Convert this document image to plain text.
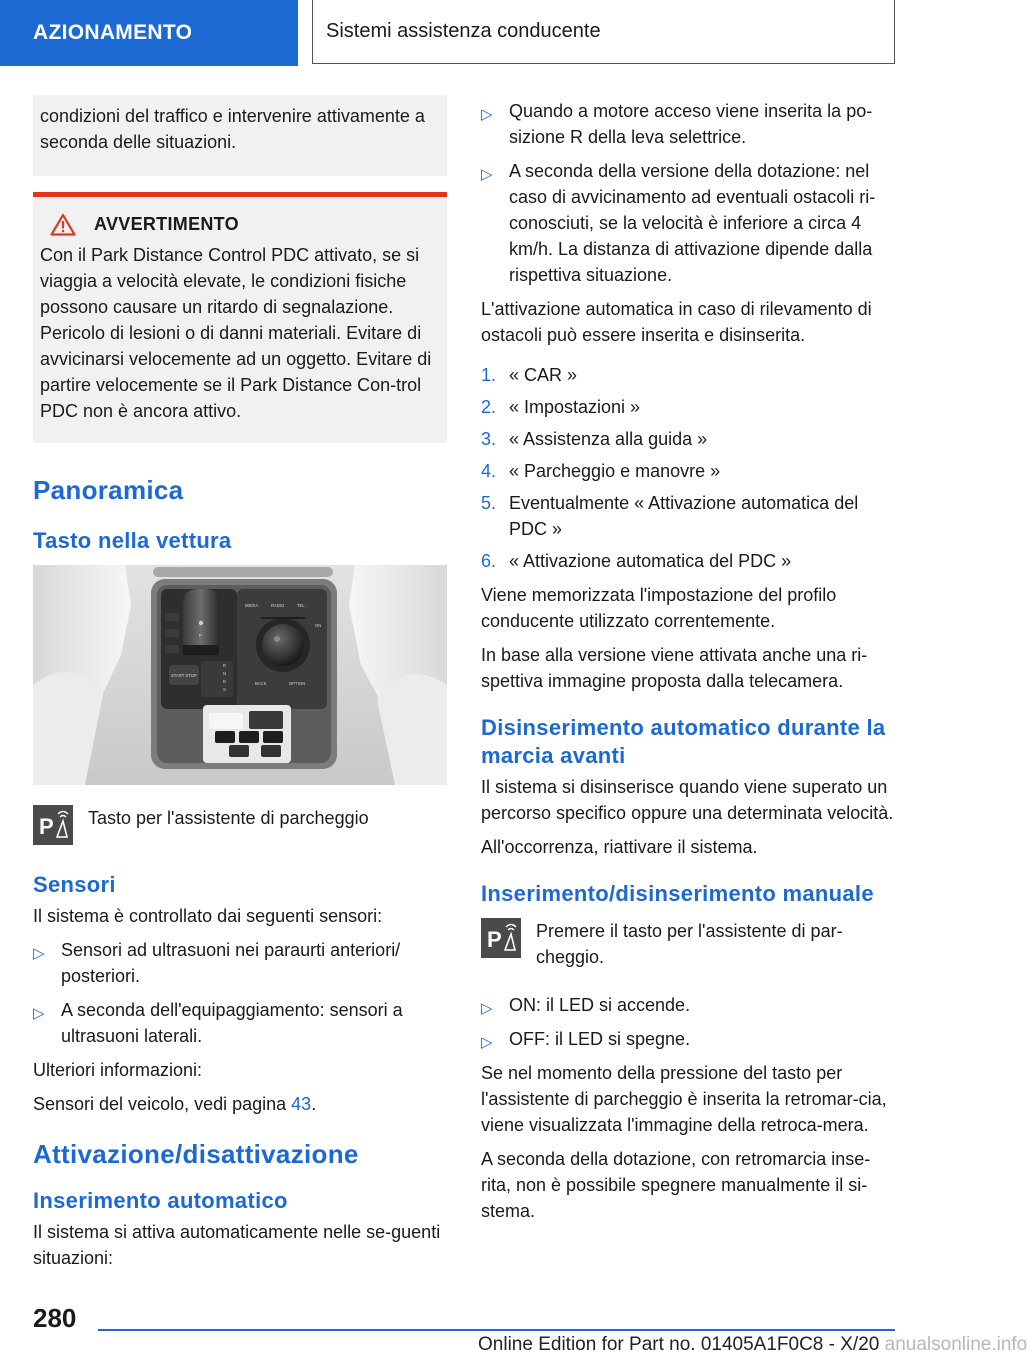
AZIONAMENTO	Sistemi assistenza conducente

condizioni del traffico e intervenire attivamente a seconda delle situazioni.

AVVERTIMENTO

Con il Park Distance Control PDC attivato, se si viaggia a velocità elevate, le condizioni fisiche possono causare un ritardo di segnalazione. Pericolo di lesioni o di danni materiali. Evitare di avvicinarsi velocemente ad un oggetto. Evitare di partire velocemente se il Park Distance Con-trol PDC non è ancora attivo.

Panoramica
Tasto nella vettura
MEDIA	RADIO	TEL
ON
BACK	OPTION
START STOP
P
R
N
D
S
P Tasto per l'assistente di parcheggio

Sensori

Il sistema è controllato dai seguenti sensori:

▷ Sensori ad ultrasuoni nei paraurti anteriori/ posteriori.
▷ A seconda dell'equipaggiamento: sensori a ultrasuoni laterali.

Ulteriori informazioni:

Sensori del veicolo, vedi pagina 43.

Attivazione/disattivazione
Inserimento automatico

Il sistema si attiva automaticamente nelle se-guenti situazioni:

▷ Quando a motore acceso viene inserita la po-sizione R della leva selettrice.
▷ A seconda della versione della dotazione: nel caso di avvicinamento ad eventuali ostacoli ri-conosciuti, se la velocità è inferiore a circa 4 km/h. La distanza di attivazione dipende dalla rispettiva situazione.

L'attivazione automatica in caso di rilevamento di ostacoli può essere inserita e disinserita.

1. « CAR »
2. « Impostazioni »
3. « Assistenza alla guida »
4. « Parcheggio e manovre »
5. Eventualmente « Attivazione automatica del PDC »
6. « Attivazione automatica del PDC »

Viene memorizzata l'impostazione del profilo conducente utilizzato correntemente.

In base alla versione viene attivata anche una ri-spettiva immagine proposta dalla telecamera.

Disinserimento automatico durante la marcia avanti

Il sistema si disinserisce quando viene superato un percorso specifico oppure una determinata velocità.

All'occorrenza, riattivare il sistema.

Inserimento/disinserimento manuale
P Premere il tasto per l'assistente di par-cheggio.

▷ ON: il LED si accende.
▷ OFF: il LED si spegne.

Se nel momento della pressione del tasto per l'assistente di parcheggio è inserita la retromar-cia, viene visualizzata l'immagine della retroca-mera.

A seconda della dotazione, con retromarcia inse-rita, non è possibile spegnere manualmente il si-stema.

280
Online Edition for Part no. 01405A1F0C8 - X/20 anualsonline.info
